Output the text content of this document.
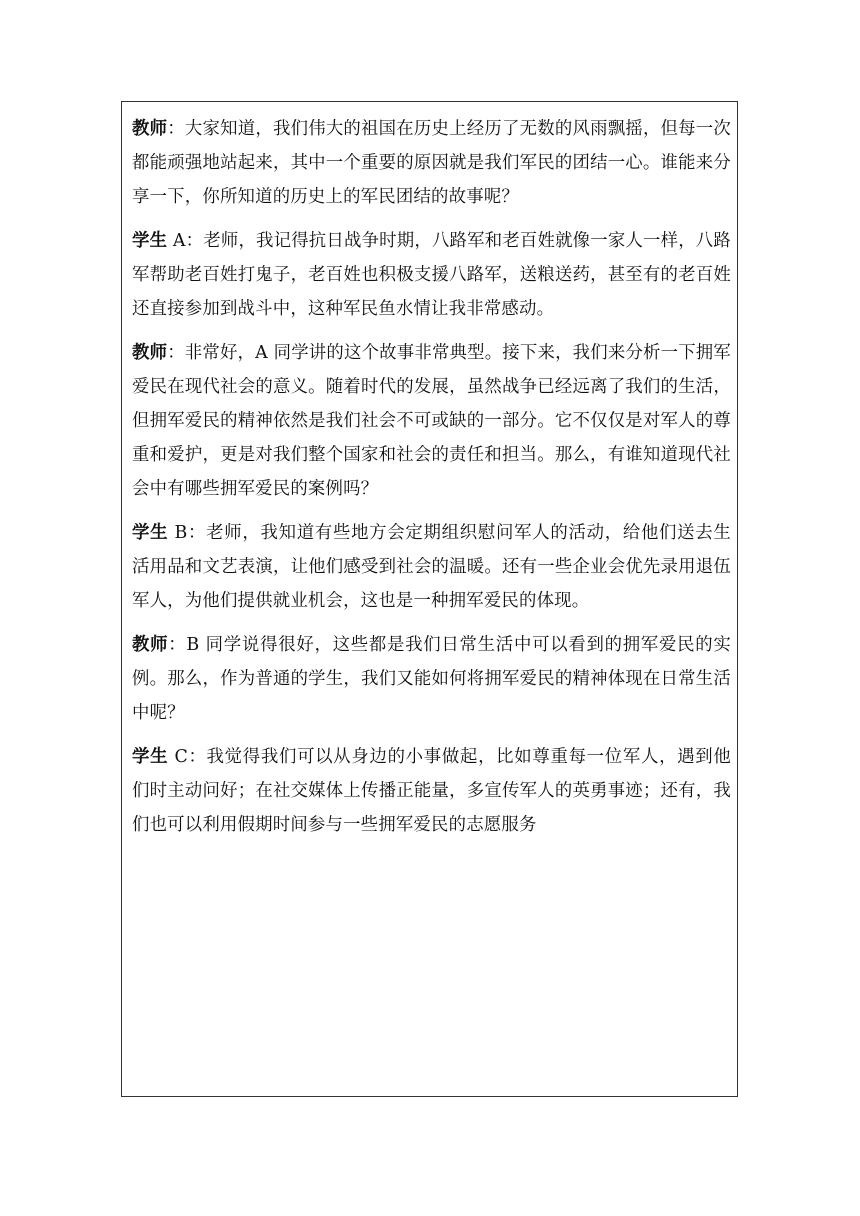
教师：大家知道，我们伟大的祖国在历史上经历了无数的风雨飘摇，但每一次都能顽强地站起来，其中一个重要的原因就是我们军民的团结一心。谁能来分享一下，你所知道的历史上的军民团结的故事呢？

学生 A：老师，我记得抗日战争时期，八路军和老百姓就像一家人一样，八路军帮助老百姓打鬼子，老百姓也积极支援八路军，送粮送药，甚至有的老百姓还直接参加到战斗中，这种军民鱼水情让我非常感动。

教师：非常好，A 同学讲的这个故事非常典型。接下来，我们来分析一下拥军爱民在现代社会的意义。随着时代的发展，虽然战争已经远离了我们的生活，但拥军爱民的精神依然是我们社会不可或缺的一部分。它不仅仅是对军人的尊重和爱护，更是对我们整个国家和社会的责任和担当。那么，有谁知道现代社会中有哪些拥军爱民的案例吗？

学生 B：老师，我知道有些地方会定期组织慰问军人的活动，给他们送去生活用品和文艺表演，让他们感受到社会的温暖。还有一些企业会优先录用退伍军人，为他们提供就业机会，这也是一种拥军爱民的体现。

教师：B 同学说得很好，这些都是我们日常生活中可以看到的拥军爱民的实例。那么，作为普通的学生，我们又能如何将拥军爱民的精神体现在日常生活中呢？

学生 C：我觉得我们可以从身边的小事做起，比如尊重每一位军人，遇到他们时主动问好；在社交媒体上传播正能量，多宣传军人的英勇事迹；还有，我们也可以利用假期时间参与一些拥军爱民的志愿服务
